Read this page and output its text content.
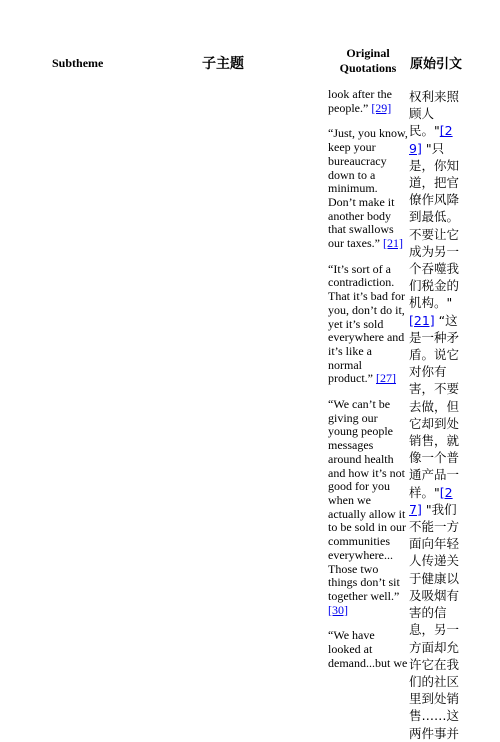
Subtheme	子主题
Original Quotations	原始引文

look after the people.” [29]

“Just, you know, keep your bureaucracy down to a minimum. Don’t make it another body that swallows our taxes.” [21]

“It’s sort of a contradiction. That it’s bad for you, don’t do it, yet it’s sold everywhere and it’s like a normal product.” [27]

“We can’t be giving our young people messages around health and how it’s not good for you when we actually allow it to be sold in our communities everywhere... Those two things don’t sit together well.” [30]

“We have looked at demand...but we

权利来照顾人民。"[29] "只是，你知道，把官僚作风降到最低。不要让它成为另一个吞噬我们税金的机构。"[21] “这是一种矛盾。说它对你有害，不要去做，但它却到处销售，就像一个普通产品一样。"[27] "我们不能一方面向年轻人传递关于健康以及吸烟有害的信息，另一方面却允许它在我们的社区里到处销售……这两件事并
